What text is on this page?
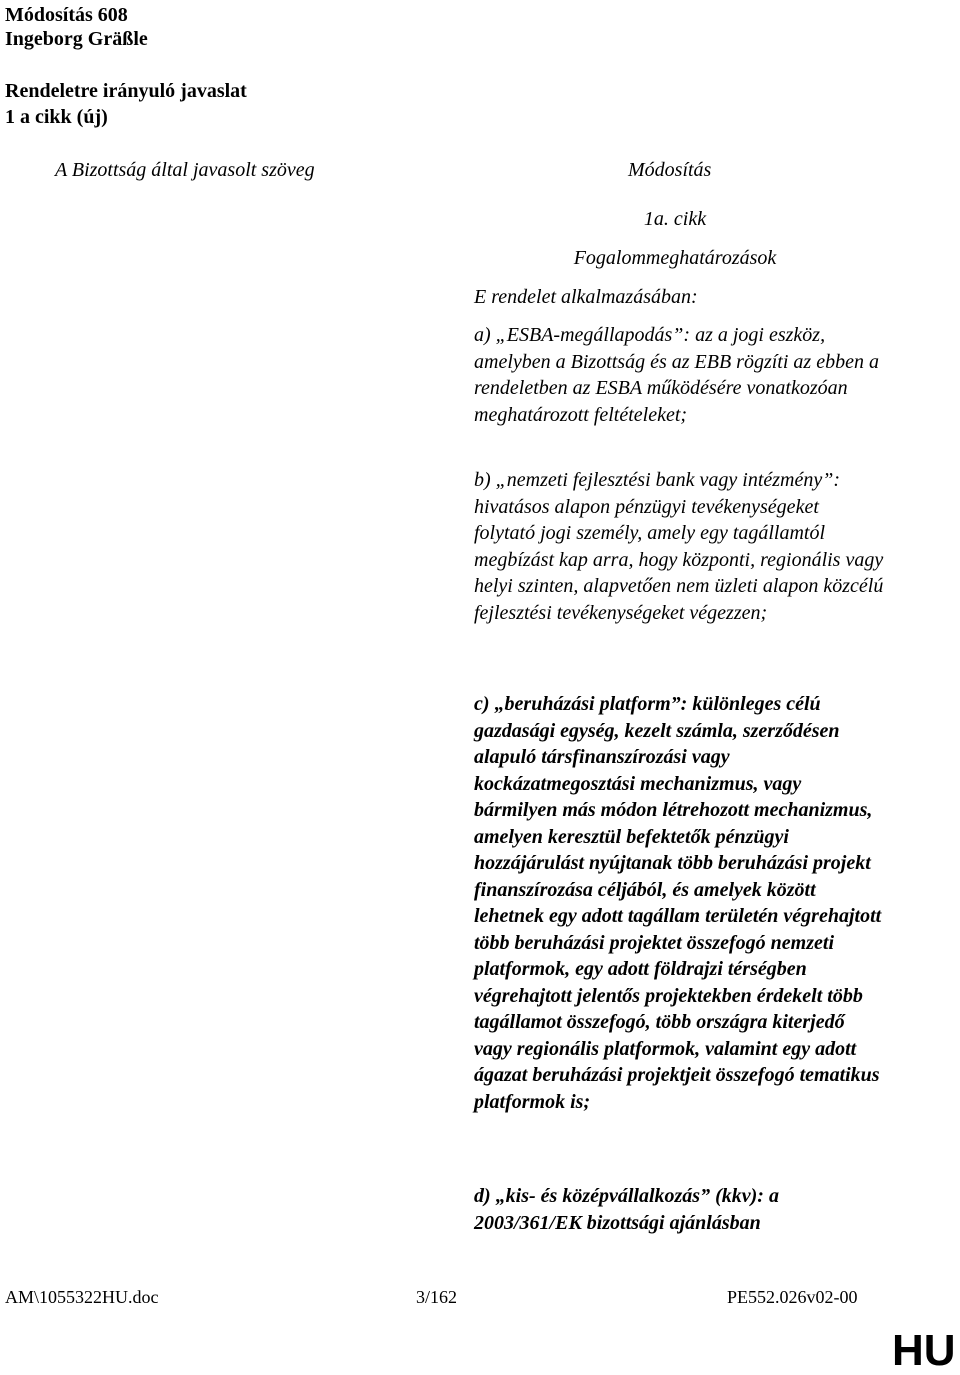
Módosítás 608
Ingeborg Gräßle
Rendeletre irányuló javaslat
1 a cikk (új)
A Bizottság által javasolt szöveg	Módosítás
1a. cikk
Fogalommeghatározások

E rendelet alkalmazásában:

a) „ESBA-megállapodás”: az a jogi eszköz, amelyben a Bizottság és az EBB rögzíti az ebben a rendeletben az ESBA működésére vonatkozóan meghatározott feltételeket;

b) „nemzeti fejlesztési bank vagy intézmény”: hivatásos alapon pénzügyi tevékenységeket folytató jogi személy, amely egy tagállamtól megbízást kap arra, hogy központi, regionális vagy helyi szinten, alapvetően nem üzleti alapon közcélú fejlesztési tevékenységeket végezzen;

c) „beruházási platform”: különleges célú gazdasági egység, kezelt számla, szerződésen alapuló társfinanszírozási vagy kockázatmegosztási mechanizmus, vagy bármilyen más módon létrehozott mechanizmus, amelyen keresztül befektetők pénzügyi hozzájárulást nyújtanak több beruházási projekt finanszírozása céljából, és amelyek között lehetnek egy adott tagállam területén végrehajtott több beruházási projektet összefogó nemzeti platformok, egy adott földrajzi térségben végrehajtott jelentős projektekben érdekelt több tagállamot összefogó, több országra kiterjedő vagy regionális platformok, valamint egy adott ágazat beruházási projektjeit összefogó tematikus platformok is;

d) „kis- és középvállalkozás” (kkv): a 2003/361/EK bizottsági ajánlásban

AM\1055322HU.doc	3/162	PE552.026v02-00
HU
